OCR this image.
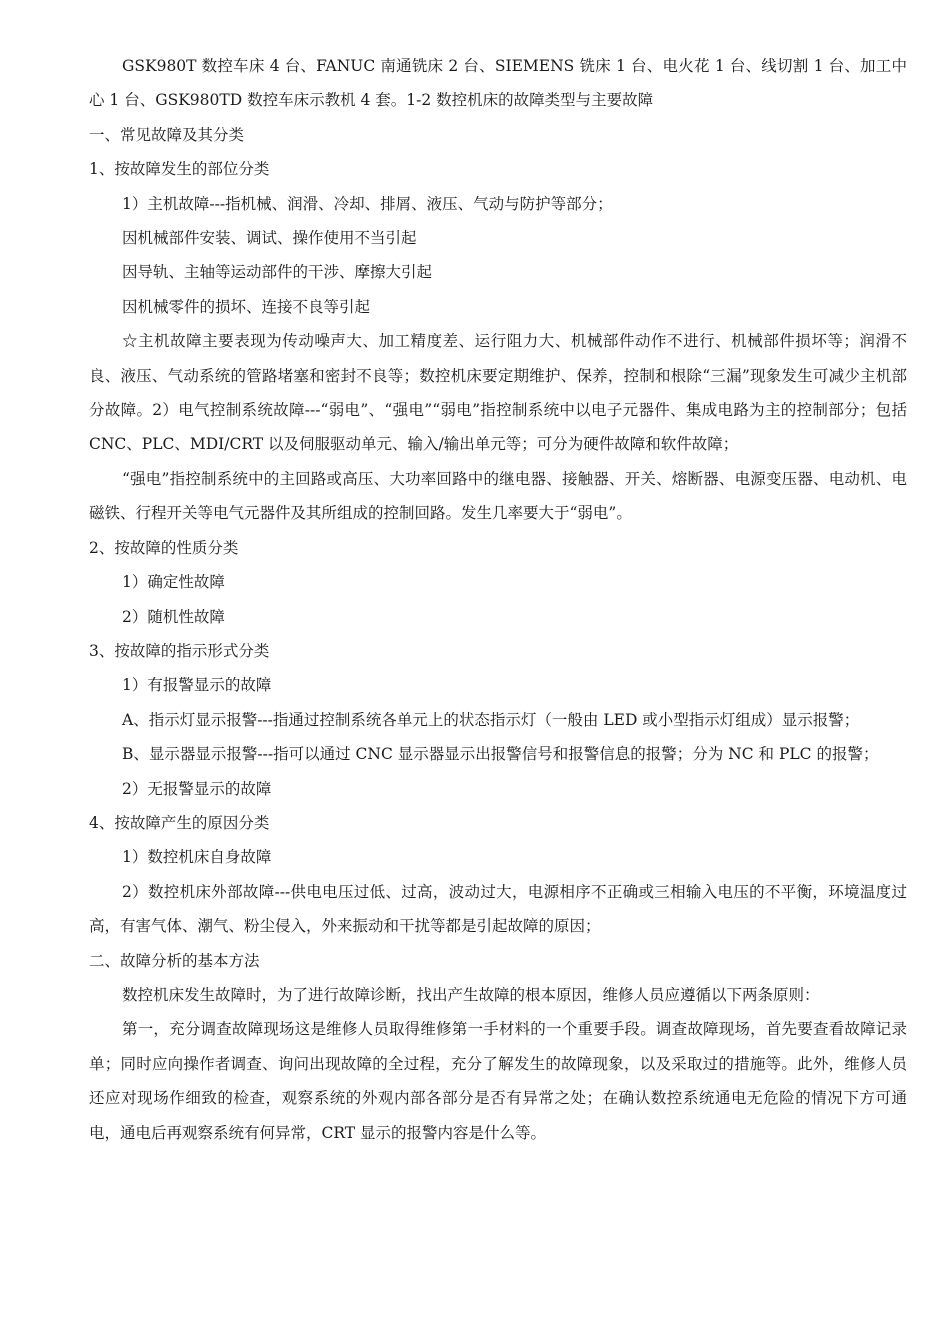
GSK980T 数控车床 4 台、FANUC 南通铣床 2 台、SIEMENS 铣床 1 台、电火花 1 台、线切割 1 台、加工中心 1 台、GSK980TD 数控车床示教机 4 套。1-2 数控机床的故障类型与主要故障

一、常见故障及其分类

1、按故障发生的部位分类

1）主机故障---指机械、润滑、冷却、排屑、液压、气动与防护等部分；

因机械部件安装、调试、操作使用不当引起

因导轨、主轴等运动部件的干涉、摩擦大引起

因机械零件的损坏、连接不良等引起

☆主机故障主要表现为传动噪声大、加工精度差、运行阻力大、机械部件动作不进行、机械部件损坏等；润滑不良、液压、气动系统的管路堵塞和密封不良等；数控机床要定期维护、保养，控制和根除“三漏”现象发生可减少主机部分故障。2）电气控制系统故障---“弱电”、“强电”“弱电”指控制系统中以电子元器件、集成电路为主的控制部分；包括 CNC、PLC、MDI/CRT 以及伺服驱动单元、输入/输出单元等；可分为硬件故障和软件故障；

“强电”指控制系统中的主回路或高压、大功率回路中的继电器、接触器、开关、熔断器、电源变压器、电动机、电磁铁、行程开关等电气元器件及其所组成的控制回路。发生几率要大于“弱电”。

2、按故障的性质分类

1）确定性故障

2）随机性故障

3、按故障的指示形式分类

1）有报警显示的故障

A、指示灯显示报警---指通过控制系统各单元上的状态指示灯（一般由 LED 或小型指示灯组成）显示报警；

B、显示器显示报警---指可以通过 CNC 显示器显示出报警信号和报警信息的报警；分为 NC 和 PLC 的报警；

2）无报警显示的故障

4、按故障产生的原因分类

1）数控机床自身故障

2）数控机床外部故障---供电电压过低、过高，波动过大，电源相序不正确或三相输入电压的不平衡，环境温度过高，有害气体、潮气、粉尘侵入，外来振动和干扰等都是引起故障的原因；

二、故障分析的基本方法

数控机床发生故障时，为了进行故障诊断，找出产生故障的根本原因，维修人员应遵循以下两条原则：

第一，充分调查故障现场这是维修人员取得维修第一手材料的一个重要手段。调查故障现场，首先要查看故障记录单；同时应向操作者调查、询问出现故障的全过程，充分了解发生的故障现象，以及采取过的措施等。此外，维修人员还应对现场作细致的检查，观察系统的外观内部各部分是否有异常之处；在确认数控系统通电无危险的情况下方可通电，通电后再观察系统有何异常，CRT 显示的报警内容是什么等。
